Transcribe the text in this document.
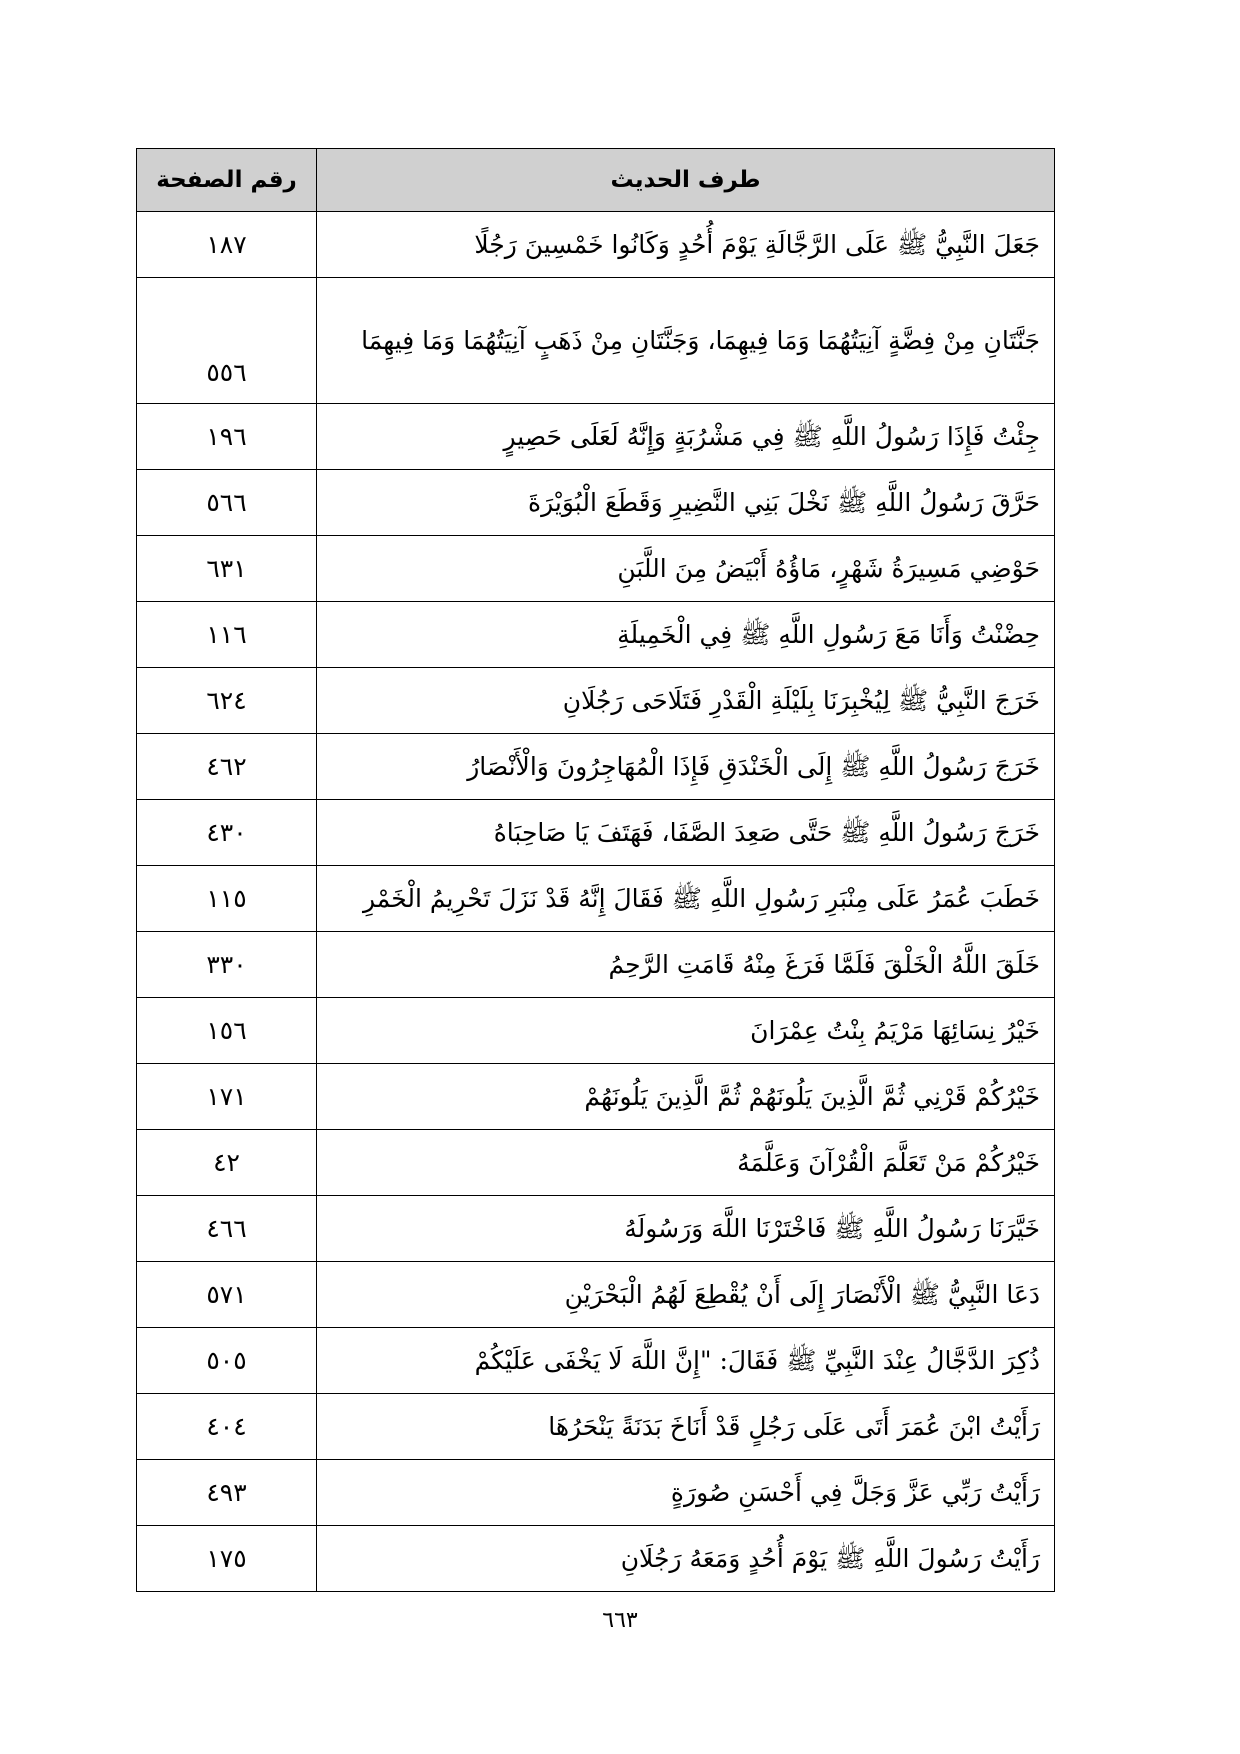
طرف الحديث	رقم الصفحة
جَعَلَ النَّبِيُّ ﷺ عَلَى الرَّجَّالَةِ يَوْمَ أُحُدٍ وَكَانُوا خَمْسِينَ رَجُلًا	١٨٧
جَنَّتَانِ مِنْ فِضَّةٍ آنِيَتُهُمَا وَمَا فِيهِمَا، وَجَنَّتَانِ مِنْ ذَهَبٍ آنِيَتُهُمَا وَمَا فِيهِمَا	٥٥٦
جِئْتُ فَإِذَا رَسُولُ اللَّهِ ﷺ فِي مَشْرُبَةٍ وَإِنَّهُ لَعَلَى حَصِيرٍ	١٩٦
حَرَّقَ رَسُولُ اللَّهِ ﷺ نَخْلَ بَنِي النَّضِيرِ وَقَطَعَ الْبُوَيْرَةَ	٥٦٦
حَوْضِي مَسِيرَةُ شَهْرٍ، مَاؤُهُ أَبْيَضُ مِنَ اللَّبَنِ	٦٣١
حِضْنْتُ وَأَنَا مَعَ رَسُولِ اللَّهِ ﷺ فِي الْخَمِيلَةِ	١١٦
خَرَجَ النَّبِيُّ ﷺ لِيُخْبِرَنَا بِلَيْلَةِ الْقَدْرِ فَتَلَاحَى رَجُلَانِ	٦٢٤
خَرَجَ رَسُولُ اللَّهِ ﷺ إِلَى الْخَنْدَقِ فَإِذَا الْمُهَاجِرُونَ وَالْأَنْصَارُ	٤٦٢
خَرَجَ رَسُولُ اللَّهِ ﷺ حَتَّى صَعِدَ الصَّفَا، فَهَتَفَ يَا صَاحِبَاهُ	٤٣٠
خَطَبَ عُمَرُ عَلَى مِنْبَرِ رَسُولِ اللَّهِ ﷺ فَقَالَ إِنَّهُ قَدْ نَزَلَ تَحْرِيمُ الْخَمْرِ	١١٥
خَلَقَ اللَّهُ الْخَلْقَ فَلَمَّا فَرَغَ مِنْهُ قَامَتِ الرَّحِمُ	٣٣٠
خَيْرُ نِسَائِهَا مَرْيَمُ بِنْتُ عِمْرَانَ	١٥٦
خَيْرُكُمْ قَرْنِي ثُمَّ الَّذِينَ يَلُونَهُمْ ثُمَّ الَّذِينَ يَلُونَهُمْ	١٧١
خَيْرُكُمْ مَنْ تَعَلَّمَ الْقُرْآنَ وَعَلَّمَهُ	٤٢
خَيَّرَنَا رَسُولُ اللَّهِ ﷺ فَاخْتَرْنَا اللَّهَ وَرَسُولَهُ	٤٦٦
دَعَا النَّبِيُّ ﷺ الْأَنْصَارَ إِلَى أَنْ يُقْطِعَ لَهُمُ الْبَحْرَيْنِ	٥٧١
ذُكِرَ الدَّجَّالُ عِنْدَ النَّبِيِّ ﷺ فَقَالَ: "إِنَّ اللَّهَ لَا يَخْفَى عَلَيْكُمْ	٥٠٥
رَأَيْتُ ابْنَ عُمَرَ أَتَى عَلَى رَجُلٍ قَدْ أَنَاخَ بَدَنَةً يَنْحَرُهَا	٤٠٤
رَأَيْتُ رَبِّي عَزَّ وَجَلَّ فِي أَحْسَنِ صُورَةٍ	٤٩٣
رَأَيْتُ رَسُولَ اللَّهِ ﷺ يَوْمَ أُحُدٍ وَمَعَهُ رَجُلَانِ	١٧٥
٦٦٣
